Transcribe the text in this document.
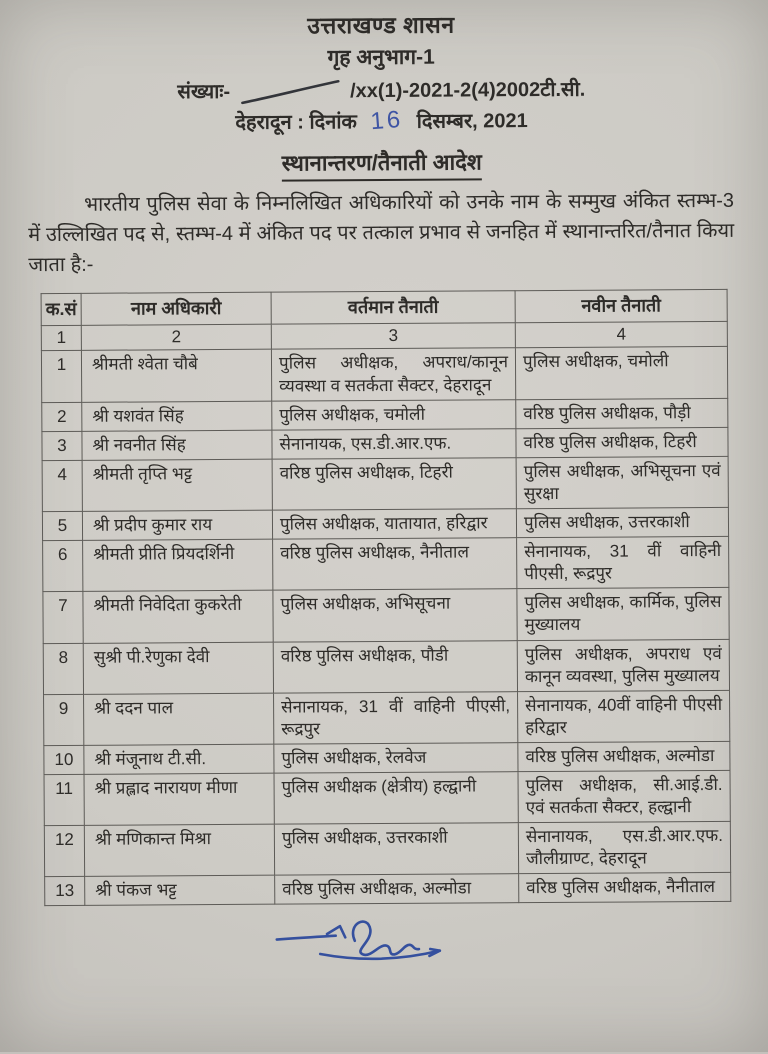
उत्तराखण्ड शासन
गृह अनुभाग-1
संख्याः-	/xx(1)-2021-2(4)2002टी.सी.
देहरादून : दिनांक 16 दिसम्बर, 2021
स्थानान्तरण/तैनाती आदेश

भारतीय पुलिस सेवा के निम्नलिखित अधिकारियों को उनके नाम के सम्मुख अंकित स्तम्भ-3 में उल्लिखित पद से, स्तम्भ-4 में अंकित पद पर तत्काल प्रभाव से जनहित में स्थानान्तरित/तैनात किया जाता है:-

क.सं	नाम अधिकारी	वर्तमान तैनाती	नवीन तैनाती
1	2	3	4
1	श्रीमती श्वेता चौबे	पुलिस अधीक्षक, अपराध/कानून व्यवस्था व सतर्कता सैक्टर, देहरादून	पुलिस अधीक्षक, चमोली
2	श्री यशवंत सिंह	पुलिस अधीक्षक, चमोली	वरिष्ठ पुलिस अधीक्षक, पौड़ी
3	श्री नवनीत सिंह	सेनानायक, एस.डी.आर.एफ.	वरिष्ठ पुलिस अधीक्षक, टिहरी
4	श्रीमती तृप्ति भट्ट	वरिष्ठ पुलिस अधीक्षक, टिहरी	पुलिस अधीक्षक, अभिसूचना एवं सुरक्षा
5	श्री प्रदीप कुमार राय	पुलिस अधीक्षक, यातायात, हरिद्वार	पुलिस अधीक्षक, उत्तरकाशी
6	श्रीमती प्रीति प्रियदर्शिनी	वरिष्ठ पुलिस अधीक्षक, नैनीताल	सेनानायक, 31 वीं वाहिनी पीएसी, रूद्रपुर
7	श्रीमती निवेदिता कुकरेती	पुलिस अधीक्षक, अभिसूचना	पुलिस अधीक्षक, कार्मिक, पुलिस मुख्यालय
8	सुश्री पी.रेणुका देवी	वरिष्ठ पुलिस अधीक्षक, पौडी	पुलिस अधीक्षक, अपराध एवं कानून व्यवस्था, पुलिस मुख्यालय
9	श्री ददन पाल	सेनानायक, 31 वीं वाहिनी पीएसी, रूद्रपुर	सेनानायक, 40वीं वाहिनी पीएसी हरिद्वार
10	श्री मंजूनाथ टी.सी.	पुलिस अधीक्षक, रेलवेज	वरिष्ठ पुलिस अधीक्षक, अल्मोडा
11	श्री प्रह्लाद नारायण मीणा	पुलिस अधीक्षक (क्षेत्रीय) हल्द्वानी	पुलिस अधीक्षक, सी.आई.डी. एवं सतर्कता सैक्टर, हल्द्वानी
12	श्री मणिकान्त मिश्रा	पुलिस अधीक्षक, उत्तरकाशी	सेनानायक, एस.डी.आर.एफ. जौलीग्राण्ट, देहरादून
13	श्री पंकज भट्ट	वरिष्ठ पुलिस अधीक्षक, अल्मोडा	वरिष्ठ पुलिस अधीक्षक, नैनीताल
